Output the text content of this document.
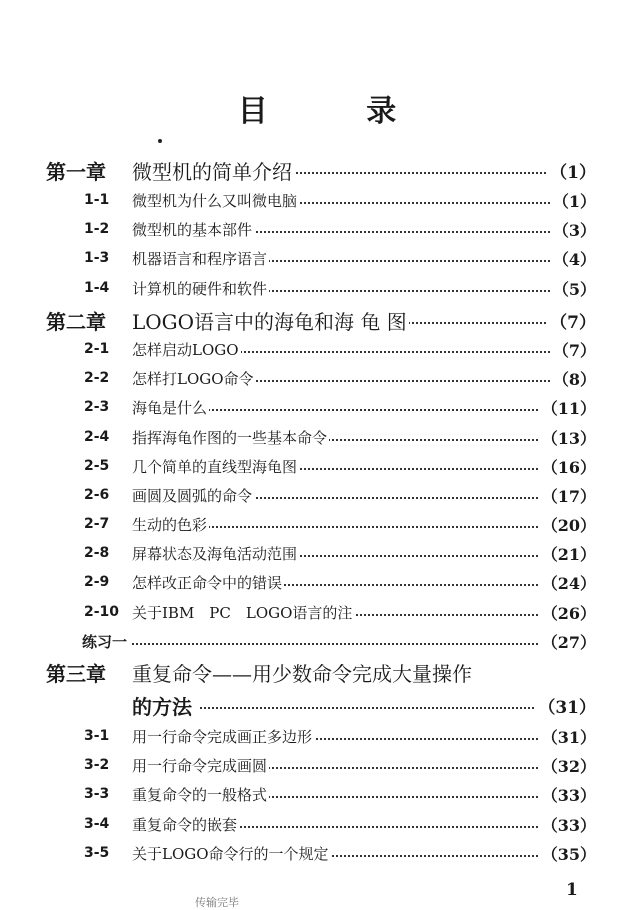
目 录
第一章 微型机的简单介绍	（1）
1-1 微型机为什么又叫微电脑	（1）
1-2 微型机的基本部件	（3）
1-3 机器语言和程序语言	（4）
1-4 计算机的硬件和软件	（5）
第二章 LOGO语言中的海龟和海 龟 图	（7）
2-1 怎样启动LOGO	（7）
2-2 怎样打LOGO命令	（8）
2-3 海龟是什么	（11）
2-4 指挥海龟作图的一些基本命令	（13）
2-5 几个简单的直线型海龟图	（16）
2-6 画圆及圆弧的命令	（17）
2-7 生动的色彩	（20）
2-8 屏幕状态及海龟活动范围	（21）
2-9 怎样改正命令中的错误	（24）
2-10 关于IBM　PC　LOGO语言的注	（26）
练习一	（27）
第三章 重复命令——用少数命令完成大量操作
的方法	（31）
3-1 用一行命令完成画正多边形	（31）
3-2 用一行命令完成画圆	（32）
3-3 重复命令的一般格式	（33）
3-4 重复命令的嵌套	（33）
3-5 关于LOGO命令行的一个规定	（35）
1
传输完毕
